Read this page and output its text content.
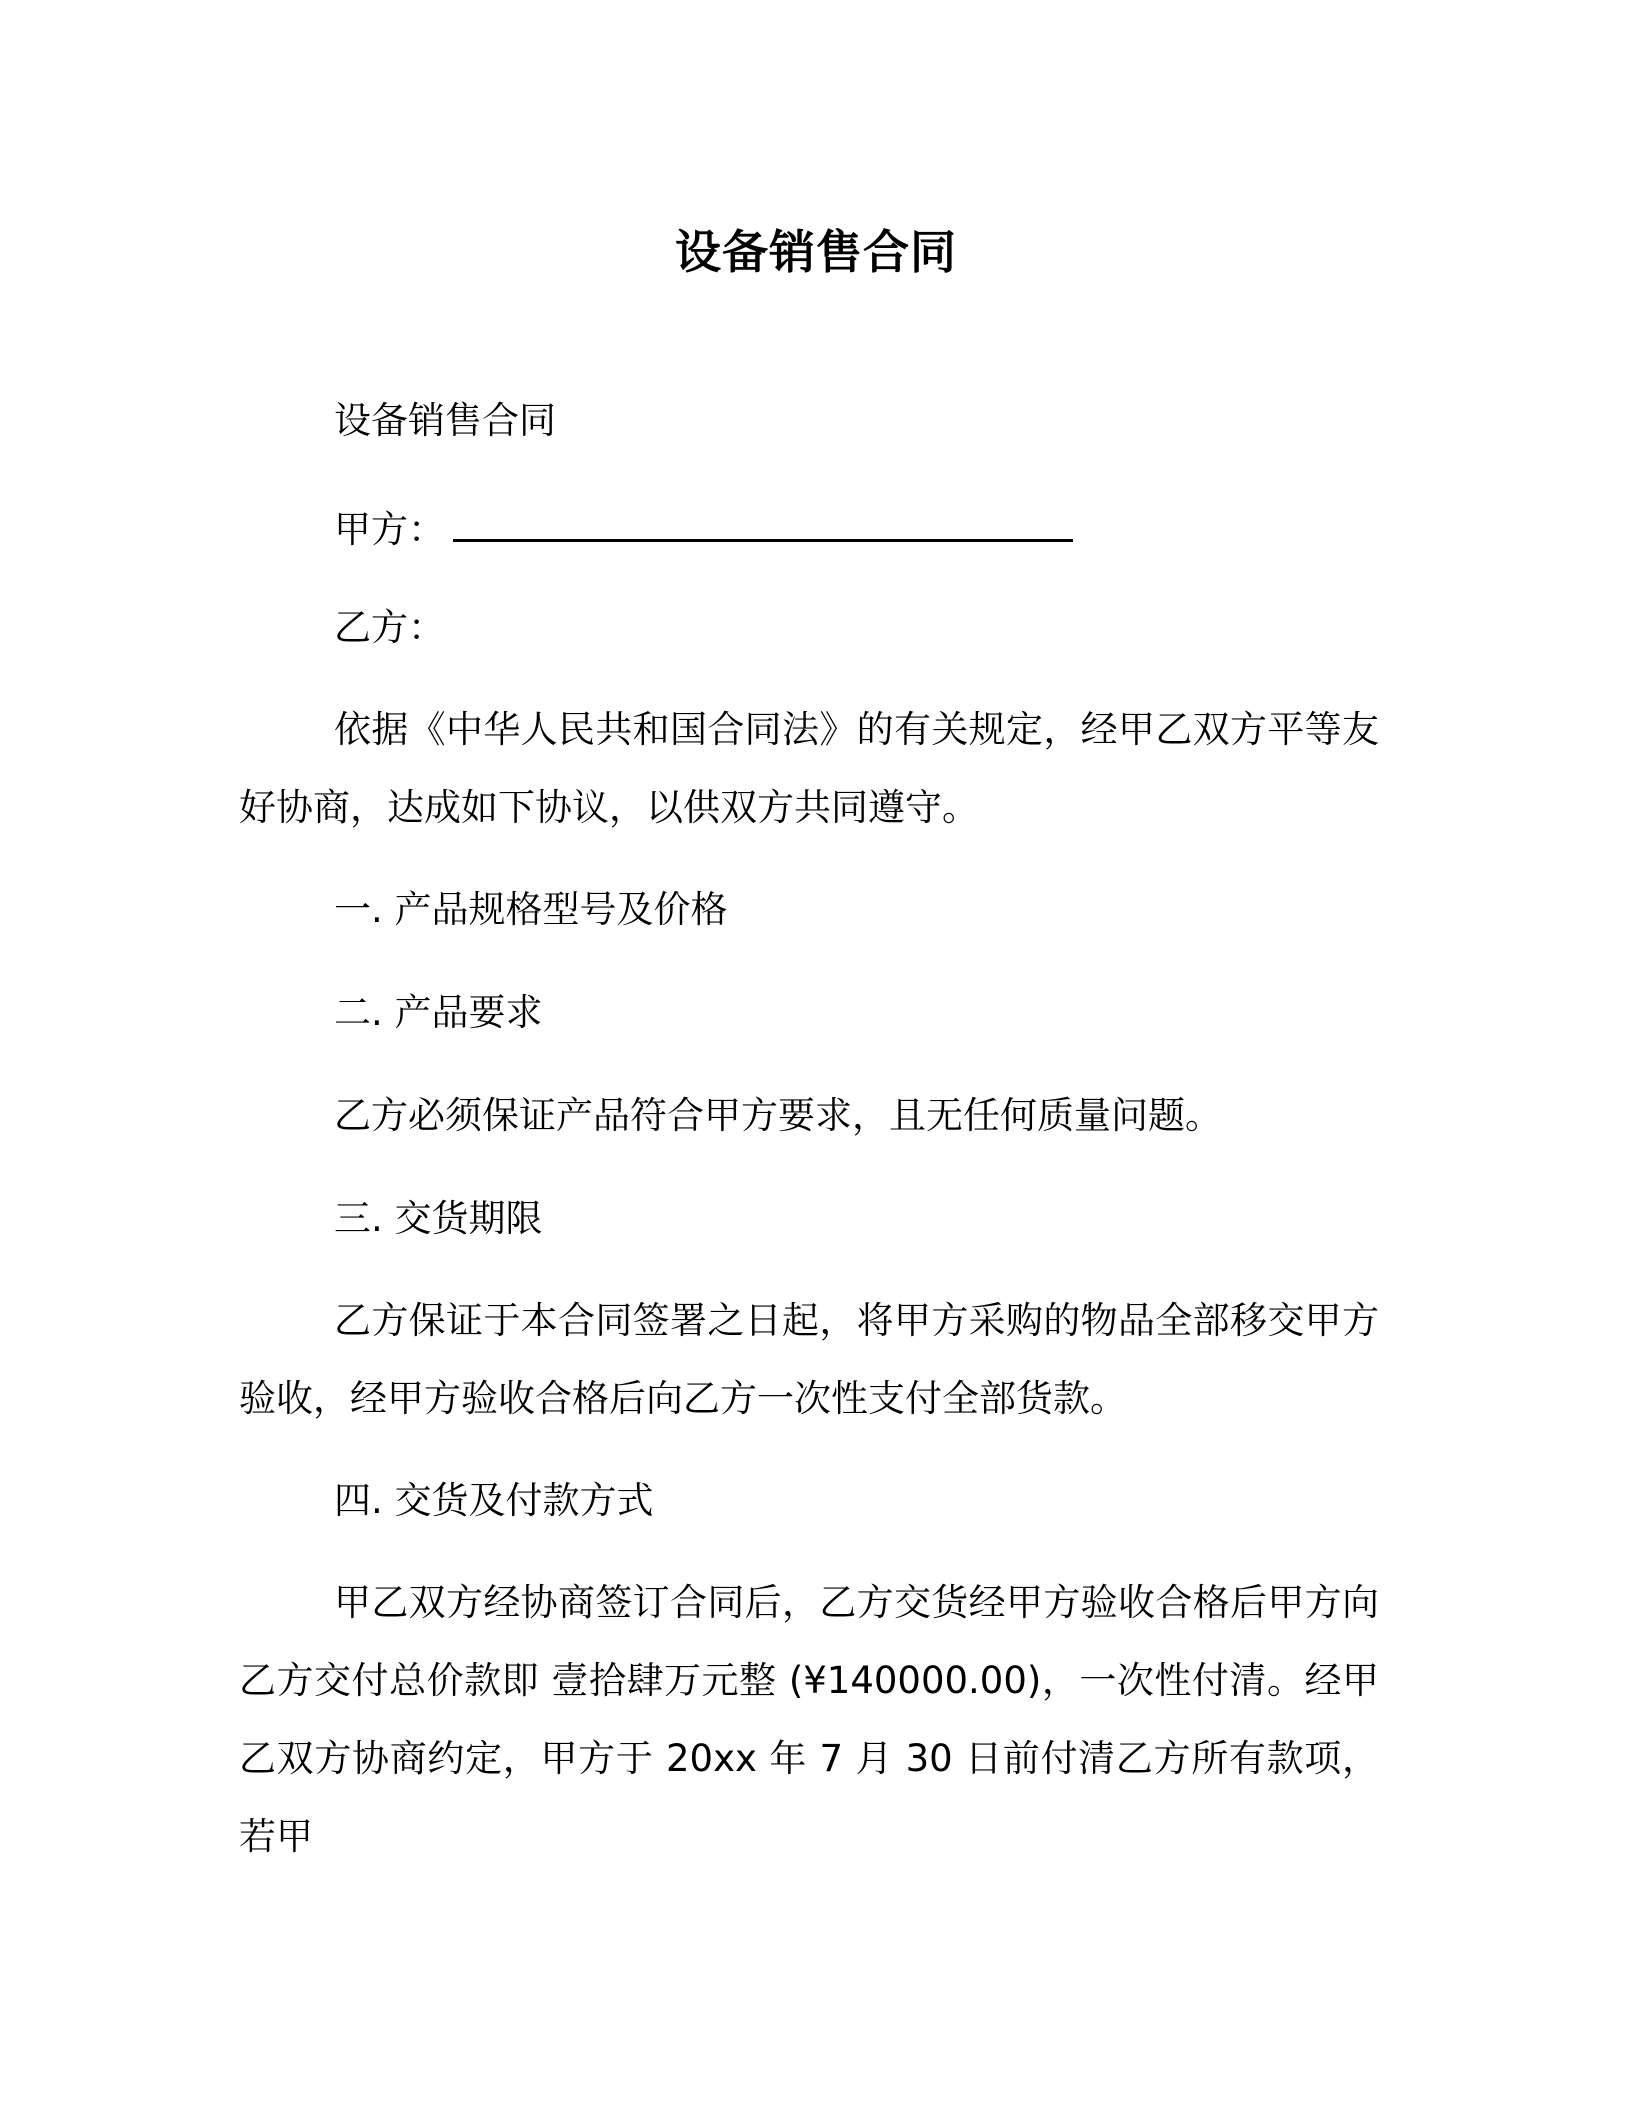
设备销售合同
设备销售合同
甲方：
乙方：
依据《中华人民共和国合同法》的有关规定，经甲乙双方平等友好协商，达成如下协议，以供双方共同遵守。
一. 产品规格型号及价格
二. 产品要求
乙方必须保证产品符合甲方要求，且无任何质量问题。
三. 交货期限
乙方保证于本合同签署之日起，将甲方采购的物品全部移交甲方验收，经甲方验收合格后向乙方一次性支付全部货款。
四. 交货及付款方式
甲乙双方经协商签订合同后，乙方交货经甲方验收合格后甲方向乙方交付总价款即 壹拾肆万元整 (¥140000.00)，一次性付清。经甲乙双方协商约定，甲方于 20xx 年 7 月 30 日前付清乙方所有款项，若甲
